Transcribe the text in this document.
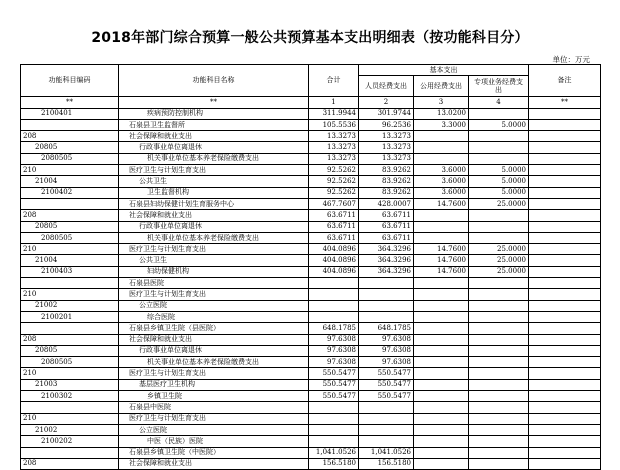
2018年部门综合预算一般公共预算基本支出明细表（按功能科目分）
单位：万元
功能科目编码	功能科目名称	合计	基本支出			备注
			人员经费支出	公用经费支出	专项业务经费支出	
**	**	1	2	3	4	**
2100401	疾病预防控制机构	311.9944	301.9744	13.0200		
	石泉县卫生监督所	105.5536	96.2536	3.3000	5.0000	
208	社会保障和就业支出	13.3273	13.3273			
20805	行政事业单位离退休	13.3273	13.3273			
2080505	机关事业单位基本养老保险缴费支出	13.3273	13.3273			
210	医疗卫生与计划生育支出	92.5262	83.9262	3.6000	5.0000	
21004	公共卫生	92.5262	83.9262	3.6000	5.0000	
2100402	卫生监督机构	92.5262	83.9262	3.6000	5.0000	
	石泉县妇幼保健计划生育服务中心	467.7607	428.0007	14.7600	25.0000	
208	社会保障和就业支出	63.6711	63.6711			
20805	行政事业单位离退休	63.6711	63.6711			
2080505	机关事业单位基本养老保险缴费支出	63.6711	63.6711			
210	医疗卫生与计划生育支出	404.0896	364.3296	14.7600	25.0000	
21004	公共卫生	404.0896	364.3296	14.7600	25.0000	
2100403	妇幼保健机构	404.0896	364.3296	14.7600	25.0000	
	石泉县医院					
210	医疗卫生与计划生育支出					
21002	公立医院					
2100201	综合医院					
	石泉县乡镇卫生院（县医院）	648.1785	648.1785			
208	社会保障和就业支出	97.6308	97.6308			
20805	行政事业单位离退休	97.6308	97.6308			
2080505	机关事业单位基本养老保险缴费支出	97.6308	97.6308			
210	医疗卫生与计划生育支出	550.5477	550.5477			
21003	基层医疗卫生机构	550.5477	550.5477			
2100302	乡镇卫生院	550.5477	550.5477			
	石泉县中医院					
210	医疗卫生与计划生育支出					
21002	公立医院					
2100202	中医（民族）医院					
	石泉县乡镇卫生院（中医院）	1,041.0526	1,041.0526			
208	社会保障和就业支出	156.5180	156.5180			
